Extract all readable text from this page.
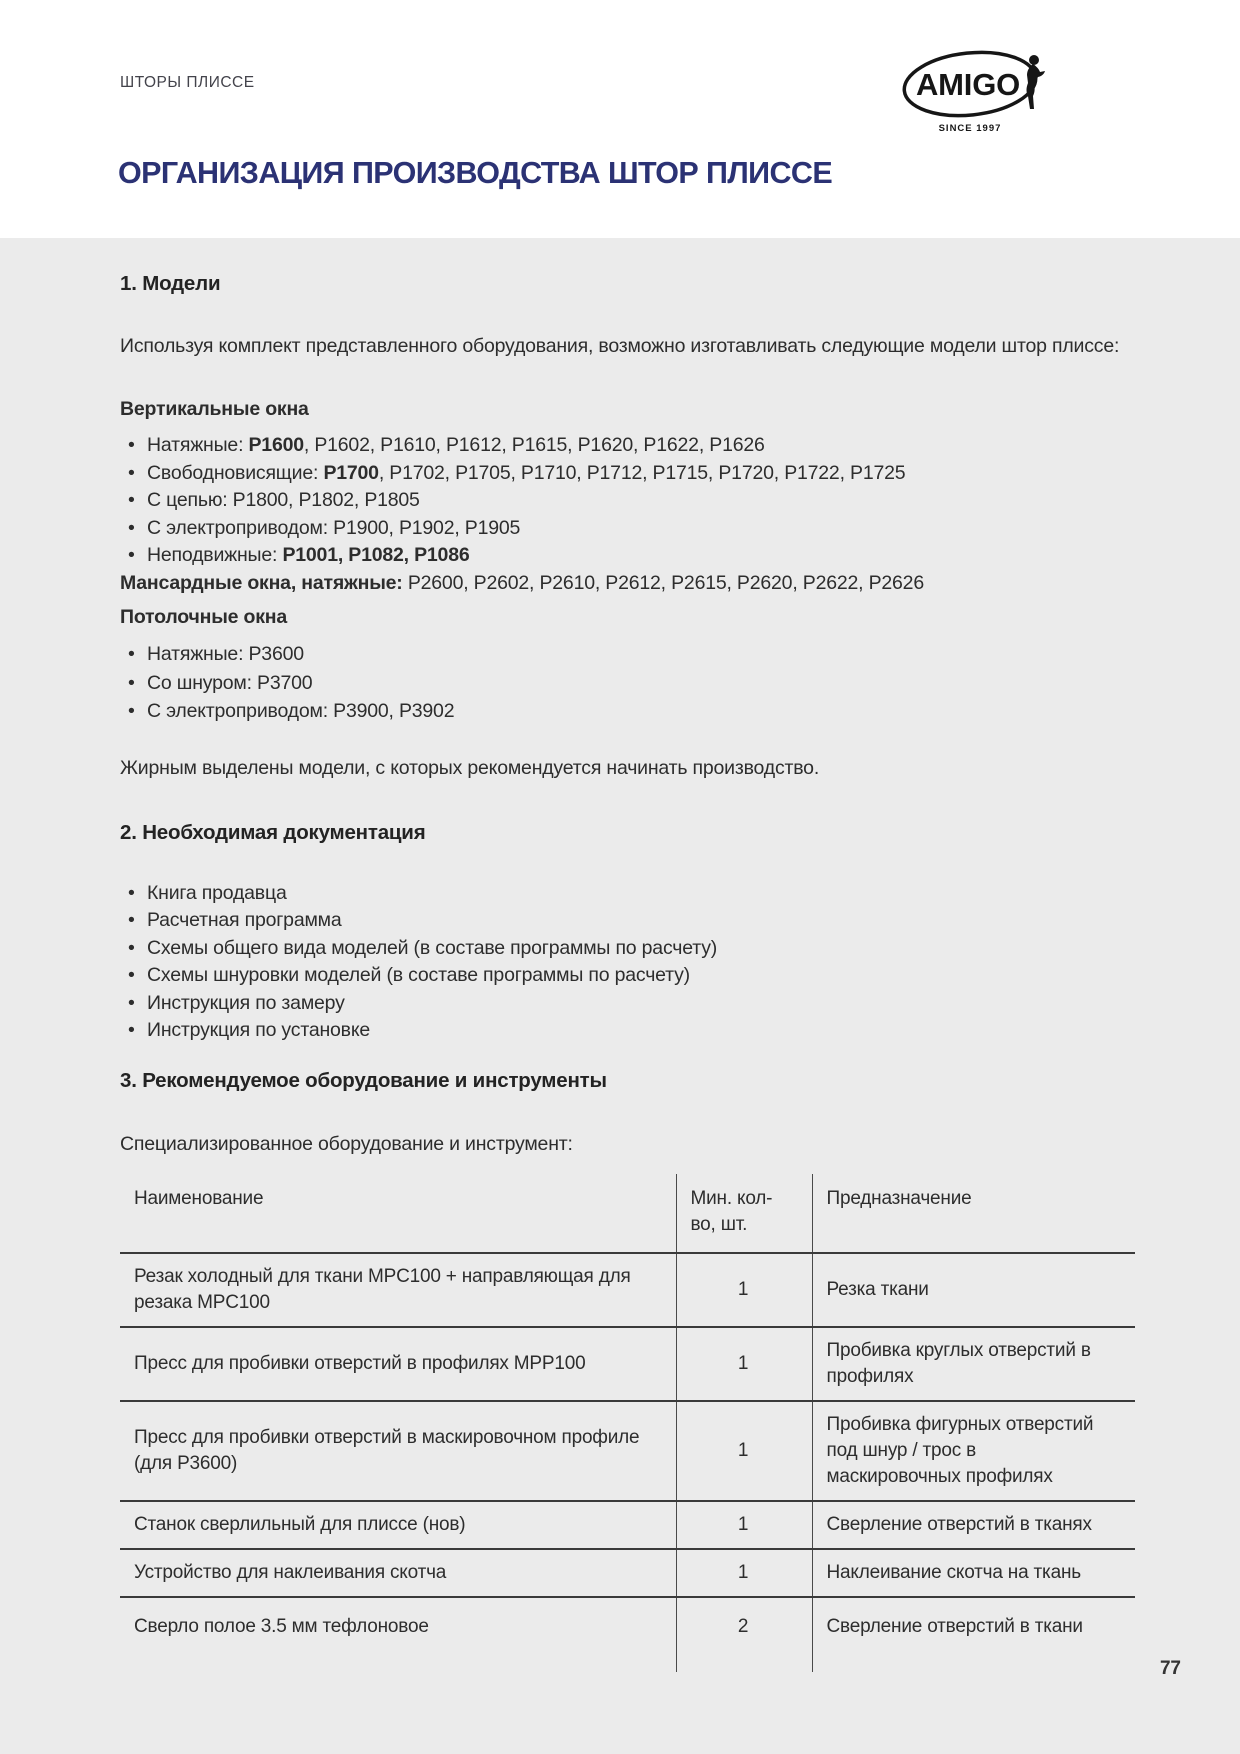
ШТОРЫ ПЛИССЕ	AMIGO
SINCE 1997
ОРГАНИЗАЦИЯ ПРОИЗВОДСТВА ШТОР ПЛИССЕ
1. Модели

Используя комплект представленного оборудования, возможно изготавливать следующие модели штор плиссе:

Вертикальные окна
• Натяжные: P1600, P1602, P1610, P1612, P1615, P1620, P1622, P1626
• Свободновисящие: P1700, P1702, P1705, P1710, P1712, P1715, P1720, P1722, P1725
• С цепью: P1800, P1802, P1805
• С электроприводом: P1900, P1902, P1905
• Неподвижные: P1001, P1082, P1086

Мансардные окна, натяжные: P2600, P2602, P2610, P2612, P2615, P2620, P2622, P2626

Потолочные окна
• Натяжные: P3600
• Со шнуром: P3700
• С электроприводом: P3900, P3902

Жирным выделены модели, с которых рекомендуется начинать производство.

2. Необходимая документация
• Книга продавца
• Расчетная программа
• Схемы общего вида моделей (в составе программы по расчету)
• Схемы шнуровки моделей (в составе программы по расчету)
• Инструкция по замеру
• Инструкция по установке
3. Рекомендуемое оборудование и инструменты

Специализированное оборудование и инструмент:

Наименование	Мин. кол-во, шт.	Предназначение
Резак холодный для ткани MPC100 + направляющая для резака MPC100	1	Резка ткани
Пресс для пробивки отверстий в профилях MPP100	1	Пробивка круглых отверстий в профилях
Пресс для пробивки отверстий в маскировочном профиле (для P3600)	1	Пробивка фигурных отверстий под шнур / трос в маскировочных профилях
Станок сверлильный для плиссе (нов)	1	Сверление отверстий в тканях
Устройство для наклеивания скотча	1	Наклеивание скотча на ткань
Сверло полое 3.5 мм тефлоновое	2	Сверление отверстий в ткани
77
